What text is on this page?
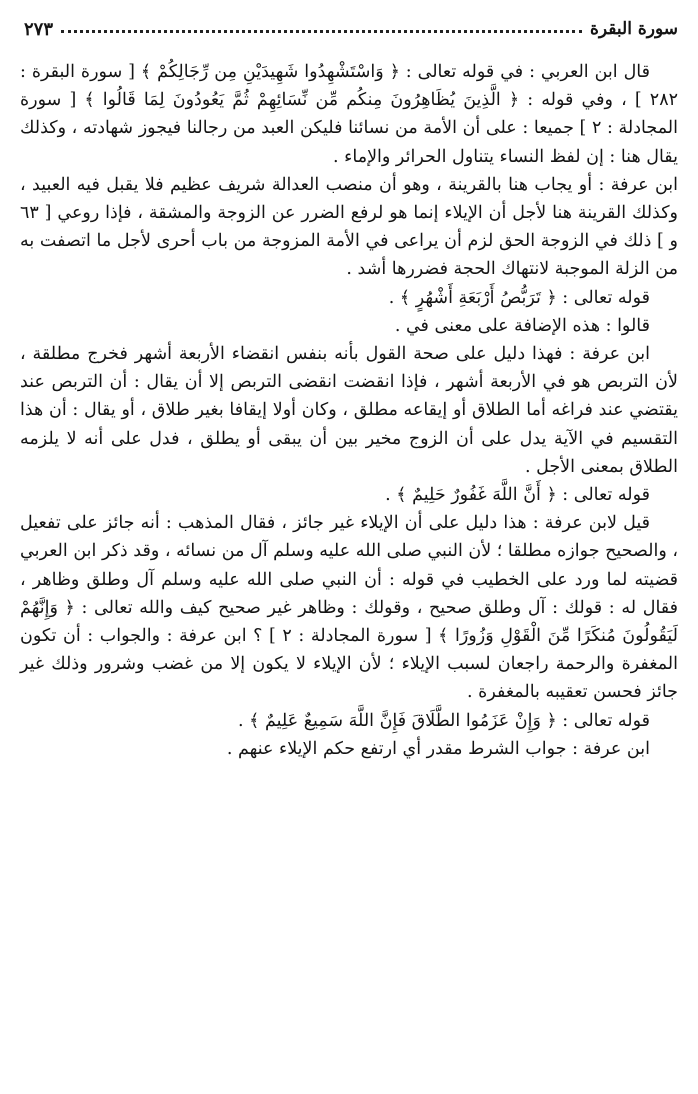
سورة البقرة
٢٧٣

قال ابن العربي : في قوله تعالى : ﴿ وَاسْتَشْهِدُوا شَهِيدَيْنِ مِن رِّجَالِكُمْ ﴾ [ سورة البقرة : ٢٨٢ ] ، وفي قوله : ﴿ الَّذِينَ يُظَاهِرُونَ مِنكُم مِّن نِّسَائِهِمْ ثُمَّ يَعُودُونَ لِمَا قَالُوا ﴾ [ سورة المجادلة : ٢ ] جميعا : على أن الأمة من نسائنا فليكن العبد من رجالنا فيجوز شهادته ، وكذلك يقال هنا : إن لفظ النساء يتناول الحرائر والإماء .

ابن عرفة : أو يجاب هنا بالقرينة ، وهو أن منصب العدالة شريف عظيم فلا يقبل فيه العبيد ، وكذلك القرينة هنا لأجل أن الإيلاء إنما هو لرفع الضرر عن الزوجة والمشقة ، فإذا روعي [ ٦٣ و ] ذلك في الزوجة الحق لزم أن يراعى في الأمة المزوجة من باب أحرى لأجل ما اتصفت به من الزلة الموجبة لانتهاك الحجة فضررها أشد .

قوله تعالى : ﴿ تَرَبُّصُ أَرْبَعَةِ أَشْهُرٍ ﴾ .

قالوا : هذه الإضافة على معنى في .

ابن عرفة : فهذا دليل على صحة القول بأنه بنفس انقضاء الأربعة أشهر فخرج مطلقة ، لأن التربص هو في الأربعة أشهر ، فإذا انقضت انقضى التربص إلا أن يقال : أن التربص عند يقتضي عند فراغه أما الطلاق أو إيقاعه مطلق ، وكان أولا إيقافا بغير طلاق ، أو يقال : أن هذا التقسيم في الآية يدل على أن الزوج مخير بين أن يبقى أو يطلق ، فدل على أنه لا يلزمه الطلاق بمعنى الأجل .

قوله تعالى : ﴿ أَنَّ اللَّهَ غَفُورٌ حَلِيمٌ ﴾ .

قيل لابن عرفة : هذا دليل على أن الإيلاء غير جائز ، فقال المذهب : أنه جائز على تفعيل ، والصحيح جوازه مطلقا ؛ لأن النبي صلى الله عليه وسلم آل من نسائه ، وقد ذكر ابن العربي قضيته لما ورد على الخطيب في قوله : أن النبي صلى الله عليه وسلم آل وطلق وظاهر ، فقال له : قولك : آل وطلق صحيح ، وقولك : وظاهر غير صحيح كيف والله تعالى : ﴿ وَإِنَّهُمْ لَيَقُولُونَ مُنكَرًا مِّنَ الْقَوْلِ وَزُورًا ﴾ [ سورة المجادلة : ٢ ] ؟ ابن عرفة : والجواب : أن تكون المغفرة والرحمة راجعان لسبب الإيلاء ؛ لأن الإيلاء لا يكون إلا من غضب وشرور وذلك غير جائز فحسن تعقيبه بالمغفرة .

قوله تعالى : ﴿ وَإِنْ عَزَمُوا الطَّلَاقَ فَإِنَّ اللَّهَ سَمِيعٌ عَلِيمٌ ﴾ .

ابن عرفة : جواب الشرط مقدر أي ارتفع حكم الإيلاء عنهم .
